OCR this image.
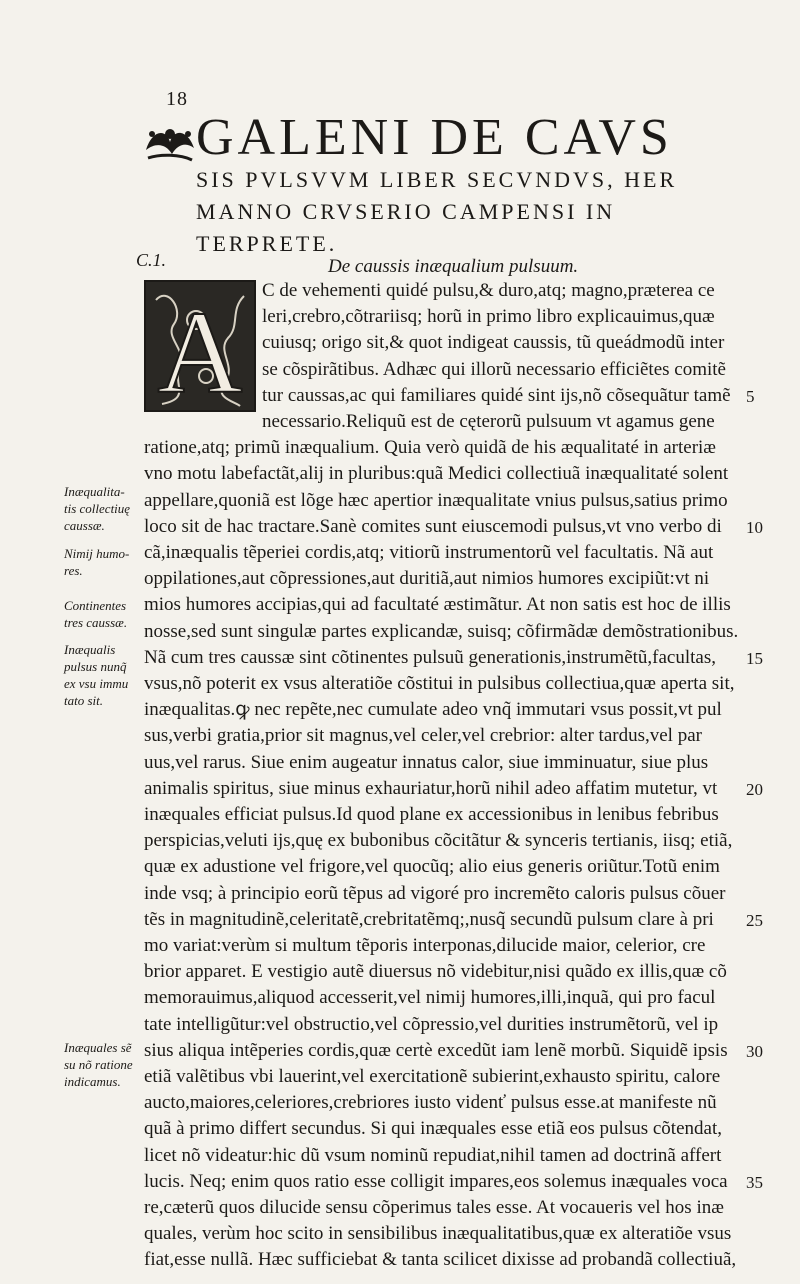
18
GALENI DE CAVS
SIS PVLSVVM LIBER SECVNDVS, HER
MANNO CRVSERIO CAMPENSI IN
TERPRETE.
C.1.	De caussis inæqualium pulsuum.
A C de vehementi quidé pulsu,& duro,atq; magno,præterea ce
leri,crebro,cõtrariisq; horũ in primo libro explicauimus,quæ
cuiusq; origo sit,& quot indigeat caussis, tũ queádmodũ inter
se cõspirãtibus. Adhæc qui illorũ necessario efficiẽtes comitẽ
tur caussas,ac qui familiares quidé sint ijs,nõ cõsequãtur tamẽ
necessario.Reliquũ est de cęterorũ pulsuum vt agamus gene
ratione,atq; primũ inæqualium. Quia verò quidã de his æqualitaté in arteriæ
vno motu labefactãt,alij in pluribus:quã Medici collectiuã inæqualitaté solent
appellare,quoniã est lõge hæc apertior inæqualitate vnius pulsus,satius primo
loco sit de hac tractare.Sanè comites sunt eiuscemodi pulsus,vt vno verbo di
cã,inæqualis tẽperiei cordis,atq; vitiorũ instrumentorũ vel facultatis. Nã aut
oppilationes,aut cõpressiones,aut duritiã,aut nimios humores excipiũt:vt ni
mios humores accipias,qui ad facultaté æstimãtur. At non satis est hoc de illis
nosse,sed sunt singulæ partes explicandæ, suisq; cõfirmãdæ demõstrationibus.
Nã cum tres caussæ sint cõtinentes pulsuũ generationis,instrumẽtũ,facultas,
vsus,nõ poterit ex vsus alteratiõe cõstitui in pulsibus collectiua,quæ aperta sit,
inæqualitas.ꝙ nec repẽte,nec cumulate adeo vnq̃ immutari vsus possit,vt pul
sus,verbi gratia,prior sit magnus,vel celer,vel crebrior: alter tardus,vel par
uus,vel rarus. Siue enim augeatur innatus calor, siue imminuatur, siue plus
animalis spiritus, siue minus exhauriatur,horũ nihil adeo affatim mutetur, vt
inæquales efficiat pulsus.Id quod plane ex accessionibus in lenibus febribus
perspicias,veluti ijs,quę ex bubonibus cõcitãtur & synceris tertianis, iisq; etiã,
quæ ex adustione vel frigore,vel quocũq; alio eius generis oriũtur.Totũ enim
inde vsq; à principio eorũ tẽpus ad vigoré pro incremẽto caloris pulsus cõuer
tẽs in magnitudinẽ,celeritatẽ,crebritatẽmq;,nusq̃ secundũ pulsum clare à pri
mo variat:verùm si multum tẽporis interponas,dilucide maior, celerior, cre
brior apparet. E vestigio autẽ diuersus nõ videbitur,nisi quãdo ex illis,quæ cõ
memorauimus,aliquod accesserit,vel nimij humores,illi,inquã, qui pro facul
tate intelligũtur:vel obstructio,vel cõpressio,vel durities instrumẽtorũ, vel ip
sius aliqua intẽperies cordis,quæ certè excedũt iam lenẽ morbũ. Siquidẽ ipsis
etiã valẽtibus vbi lauerint,vel exercitationẽ subierint,exhausto spiritu, calore
aucto,maiores,celeriores,crebriores iusto videnť pulsus esse.at manifeste nũ
quã à primo differt secundus. Si qui inæquales esse etiã eos pulsus cõtendat,
licet nõ videatur:hic dũ vsum nominũ repudiat,nihil tamen ad doctrinã affert
lucis. Neq; enim quos ratio esse colligit impares,eos solemus inæquales voca
re,cæterũ quos dilucide sensu cõperimus tales esse. At vocaueris vel hos inæ
quales, verùm hoc scito in sensibilibus inæqualitatibus,quæ ex alteratiõe vsus
fiat,esse nullã. Hæc sufficiebat & tanta scilicet dixisse ad probandã collectiuã,
Inæqualita-
tis collectiuę
caussæ.
Nimij humo-
res.
Continentes
tres caussæ.
Inæqualis
pulsus nunq̃
ex vsu immu
tato sit.
Inæquales sẽ
su nõ ratione
indicamus.
5
10
15
20
25
30
35
